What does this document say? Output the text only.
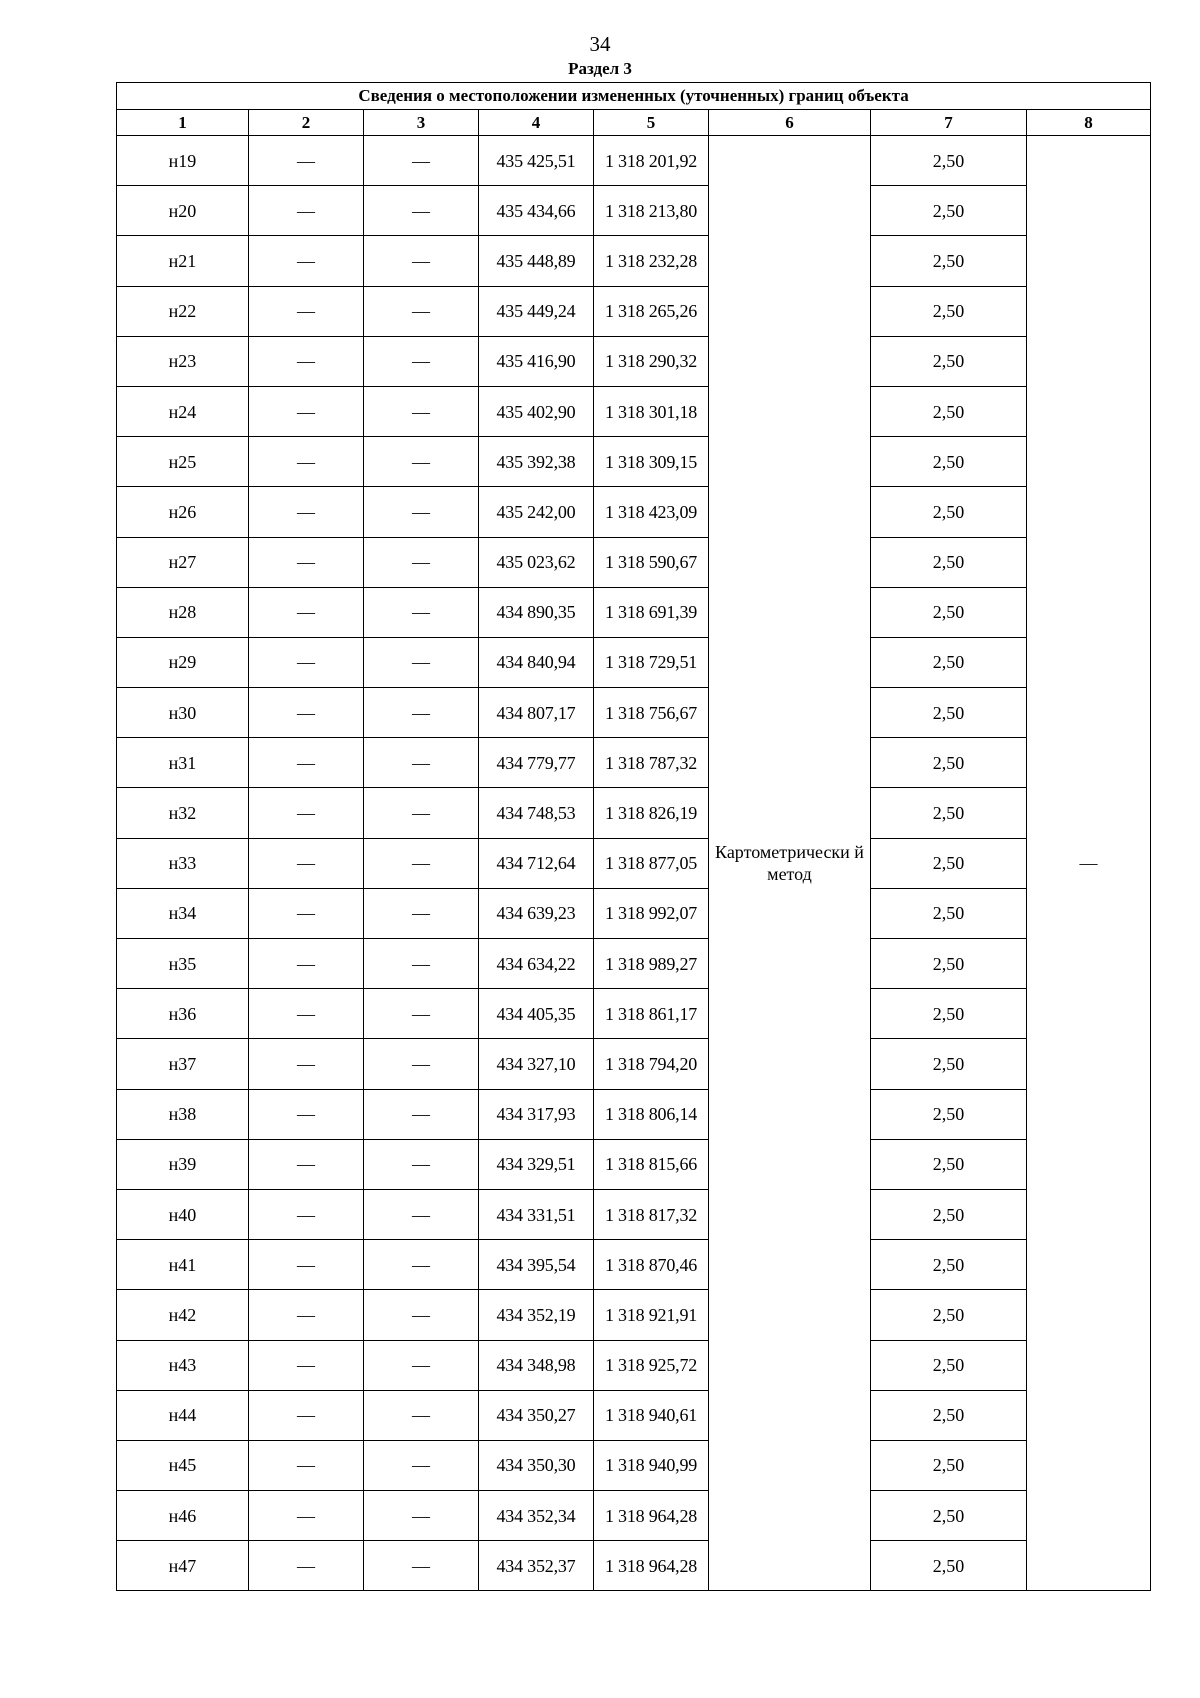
34
Раздел 3
Сведения о местоположении измененных (уточненных) границ объекта							
1	2	3	4	5	6	7	8
н19	—	—	435 425,51	1 318 201,92	Картометрически й метод	2,50	—
н20	—	—	435 434,66	1 318 213,80		2,50	
н21	—	—	435 448,89	1 318 232,28		2,50	
н22	—	—	435 449,24	1 318 265,26		2,50	
н23	—	—	435 416,90	1 318 290,32		2,50	
н24	—	—	435 402,90	1 318 301,18		2,50	
н25	—	—	435 392,38	1 318 309,15		2,50	
н26	—	—	435 242,00	1 318 423,09		2,50	
н27	—	—	435 023,62	1 318 590,67		2,50	
н28	—	—	434 890,35	1 318 691,39		2,50	
н29	—	—	434 840,94	1 318 729,51		2,50	
н30	—	—	434 807,17	1 318 756,67		2,50	
н31	—	—	434 779,77	1 318 787,32		2,50	
н32	—	—	434 748,53	1 318 826,19		2,50	
н33	—	—	434 712,64	1 318 877,05		2,50	
н34	—	—	434 639,23	1 318 992,07		2,50	
н35	—	—	434 634,22	1 318 989,27		2,50	
н36	—	—	434 405,35	1 318 861,17		2,50	
н37	—	—	434 327,10	1 318 794,20		2,50	
н38	—	—	434 317,93	1 318 806,14		2,50	
н39	—	—	434 329,51	1 318 815,66		2,50	
н40	—	—	434 331,51	1 318 817,32		2,50	
н41	—	—	434 395,54	1 318 870,46		2,50	
н42	—	—	434 352,19	1 318 921,91		2,50	
н43	—	—	434 348,98	1 318 925,72		2,50	
н44	—	—	434 350,27	1 318 940,61		2,50	
н45	—	—	434 350,30	1 318 940,99		2,50	
н46	—	—	434 352,34	1 318 964,28		2,50	
н47	—	—	434 352,37	1 318 964,28		2,50	
